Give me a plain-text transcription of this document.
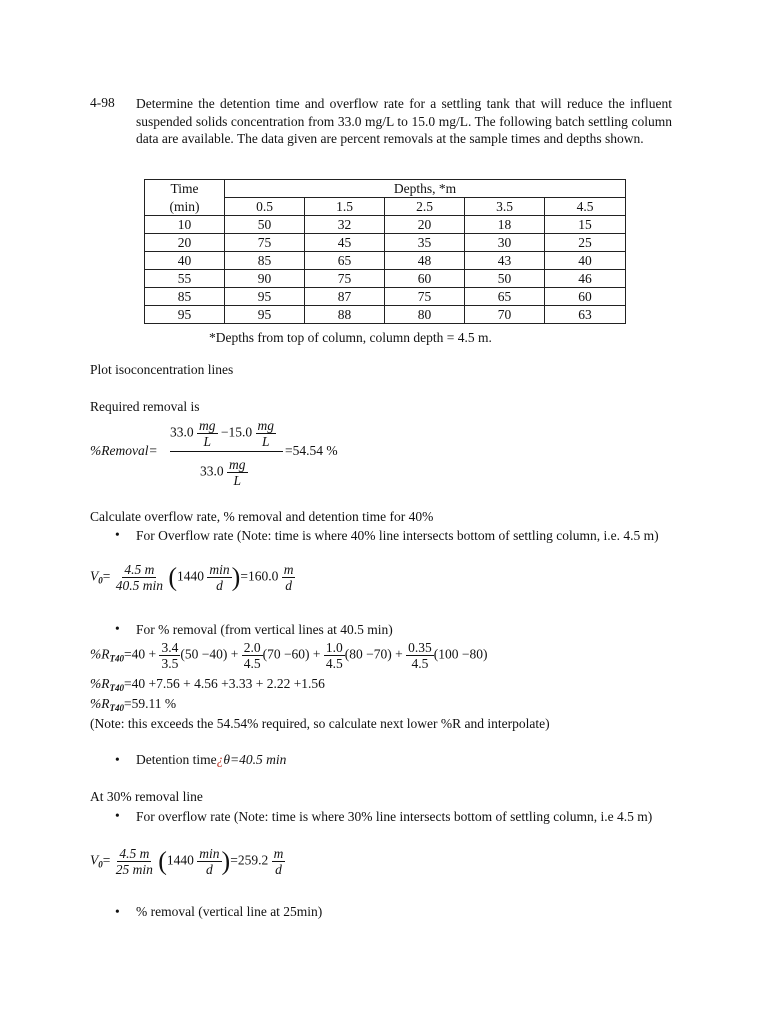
4-98 Determine the detention time and overflow rate for a settling tank that will reduce the influent suspended solids concentration from 33.0 mg/L to 15.0 mg/L. The following batch settling column data are available. The data given are percent removals at the sample times and depths shown.
Time	Depths, *m				
(min)	0.5	1.5	2.5	3.5	4.5
10	50	32	20	18	15
20	75	45	35	30	25
40	85	65	48	43	40
55	90	75	60	50	46
85	95	87	75	65	60
95	95	88	80	70	63
*Depths from top of column, column depth = 4.5 m.
Plot isoconcentration lines
Required removal is
$33.0 \frac{mg}{L} -15.0 \frac{mg}{L}$
%Removal=
$33.0 \frac{mg}{L}$
=54.54 %
Calculate overflow rate, % removal and detention time for 40%
• For Overflow rate (Note: time is where 40% line intersects bottom of settling column, i.e. 4.5 m)
$V_0= \frac{4.5 m}{40.5 \min} (1440 \frac{\min}{d} )=160.0 \frac{m}{d}$
• For % removal (from vertical lines at 40.5 min)
$\%R_{T40}=40 + \frac{3.4}{3.5} (50 -40) + \frac{2.0}{4.5} (70 -60) + \frac{1.0}{4.5} (80 -70) + \frac{0.35}{4.5} (100 -80)$
$\%R_{T40}=40 +7.56 + 4.56 +3.33 + 2.22 +1.56$
$\%R_{T40}=59.11$ %
(Note: this exceeds the 54.54% required, so calculate next lower %R and interpolate)
• Detention time¿θ=40.5 min
At 30% removal line
• For overflow rate (Note: time is where 30% line intersects bottom of settling column, i.e 4.5 m)
$V_0= \frac{4.5 m}{25 \min} (1440 \frac{\min}{d} )=259.2 \frac{m}{d}$
• % removal (vertical line at 25min)
